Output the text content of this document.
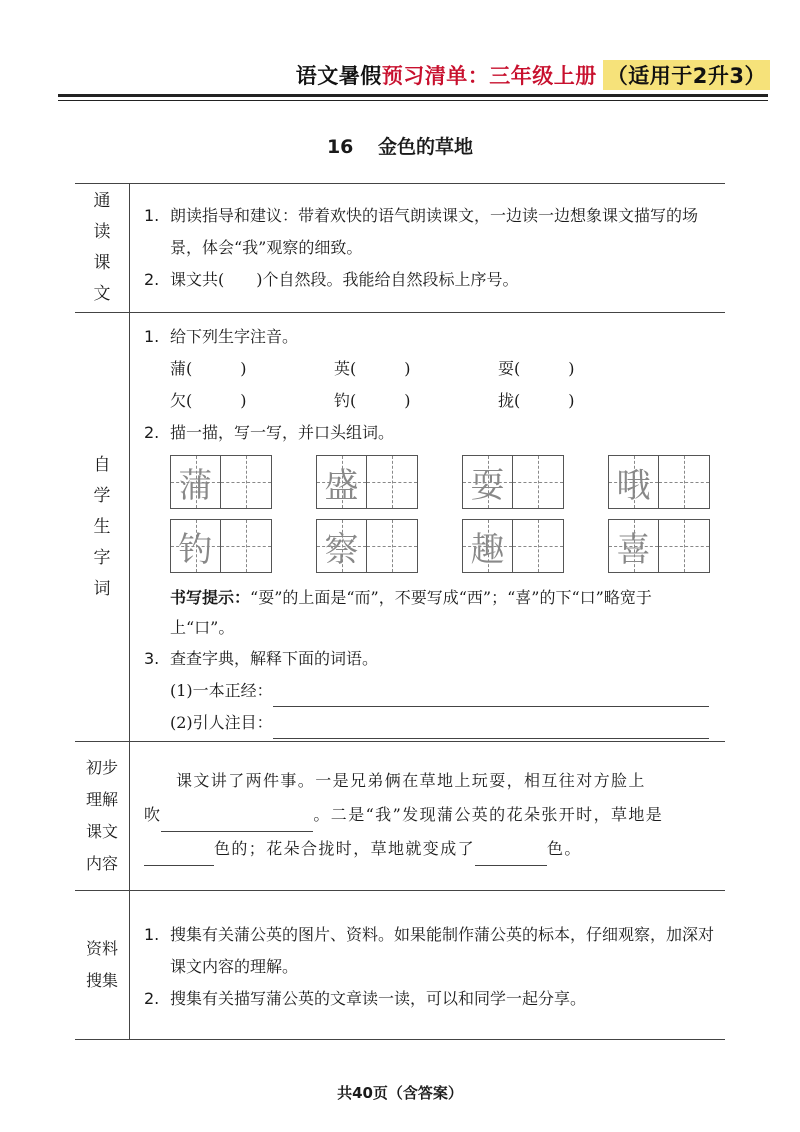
语文暑假 预习清单：三年级上册 （适用于2升3）
16 金色的草地
通
读
课
文
1. 朗读指导和建议：带着欢快的语气朗读课文，一边读一边想象课文描写的场景，体会“我”观察的细致。
2. 课文共(　　)个自然段。我能给自然段标上序号。
自
学
生
字
词
1. 给下列生字注音。
蒲(　　　)	英(　　　)	耍(　　　)
欠(　　　)	钓(　　　)	拢(　　　)
2. 描一描，写一写，并口头组词。
蒲	盛	耍	哦
钓	察	趣	喜
书写提示：“耍”的上面是“而”，不要写成“西”；“喜”的下“口”略宽于上“口”。
3. 查查字典，解释下面的词语。
(1)一本正经：
(2)引人注目：
初步
理解
课文
内容
课文讲了两件事。一是兄弟俩在草地上玩耍，相互往对方脸上
吹	。二是“我”发现蒲公英的花朵张开时，草地是
色的；花朵合拢时，草地就变成了	色。
资料
搜集
1. 搜集有关蒲公英的图片、资料。如果能制作蒲公英的标本，仔细观察，加深对课文内容的理解。
2. 搜集有关描写蒲公英的文章读一读，可以和同学一起分享。
共40页（含答案）
